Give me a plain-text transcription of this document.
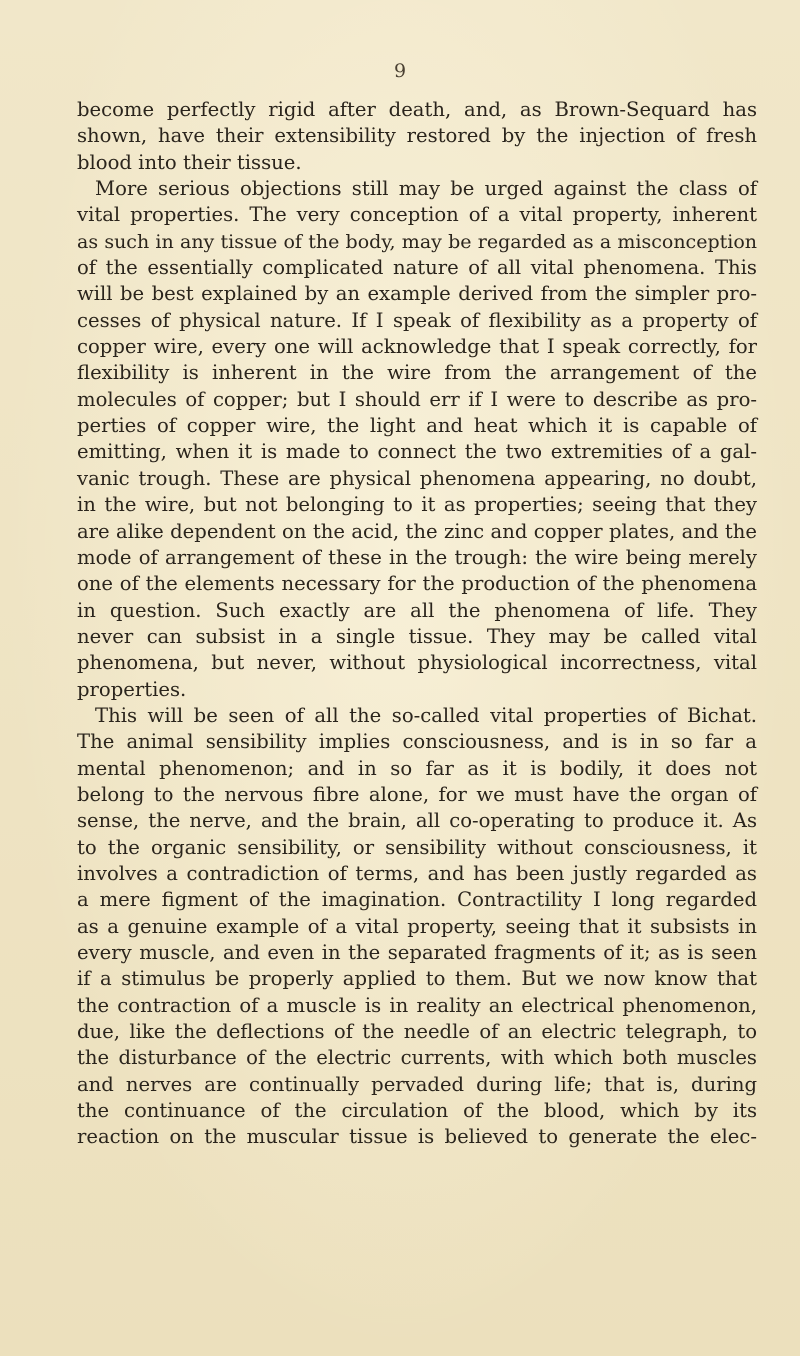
9
become perfectly rigid after death, and, as Brown-Sequard has
shown, have their extensibility restored by the injection of fresh
blood into their tissue.
More serious objections still may be urged against the class of
vital properties. The very conception of a vital property, inherent
as such in any tissue of the body, may be regarded as a misconception
of the essentially complicated nature of all vital phenomena. This
will be best explained by an example derived from the simpler pro-
cesses of physical nature. If I speak of flexibility as a property of
copper wire, every one will acknowledge that I speak correctly, for
flexibility is inherent in the wire from the arrangement of the
molecules of copper; but I should err if I were to describe as pro-
perties of copper wire, the light and heat which it is capable of
emitting, when it is made to connect the two extremities of a gal-
vanic trough. These are physical phenomena appearing, no doubt,
in the wire, but not belonging to it as properties; seeing that they
are alike dependent on the acid, the zinc and copper plates, and the
mode of arrangement of these in the trough: the wire being merely
one of the elements necessary for the production of the phenomena
in question. Such exactly are all the phenomena of life. They
never can subsist in a single tissue. They may be called vital
phenomena, but never, without physiological incorrectness, vital
properties.
This will be seen of all the so-called vital properties of Bichat.
The animal sensibility implies consciousness, and is in so far a
mental phenomenon; and in so far as it is bodily, it does not
belong to the nervous fibre alone, for we must have the organ of
sense, the nerve, and the brain, all co-operating to produce it. As
to the organic sensibility, or sensibility without consciousness, it
involves a contradiction of terms, and has been justly regarded as
a mere figment of the imagination. Contractility I long regarded
as a genuine example of a vital property, seeing that it subsists in
every muscle, and even in the separated fragments of it; as is seen
if a stimulus be properly applied to them. But we now know that
the contraction of a muscle is in reality an electrical phenomenon,
due, like the deflections of the needle of an electric telegraph, to
the disturbance of the electric currents, with which both muscles
and nerves are continually pervaded during life; that is, during
the continuance of the circulation of the blood, which by its
reaction on the muscular tissue is believed to generate the elec-
